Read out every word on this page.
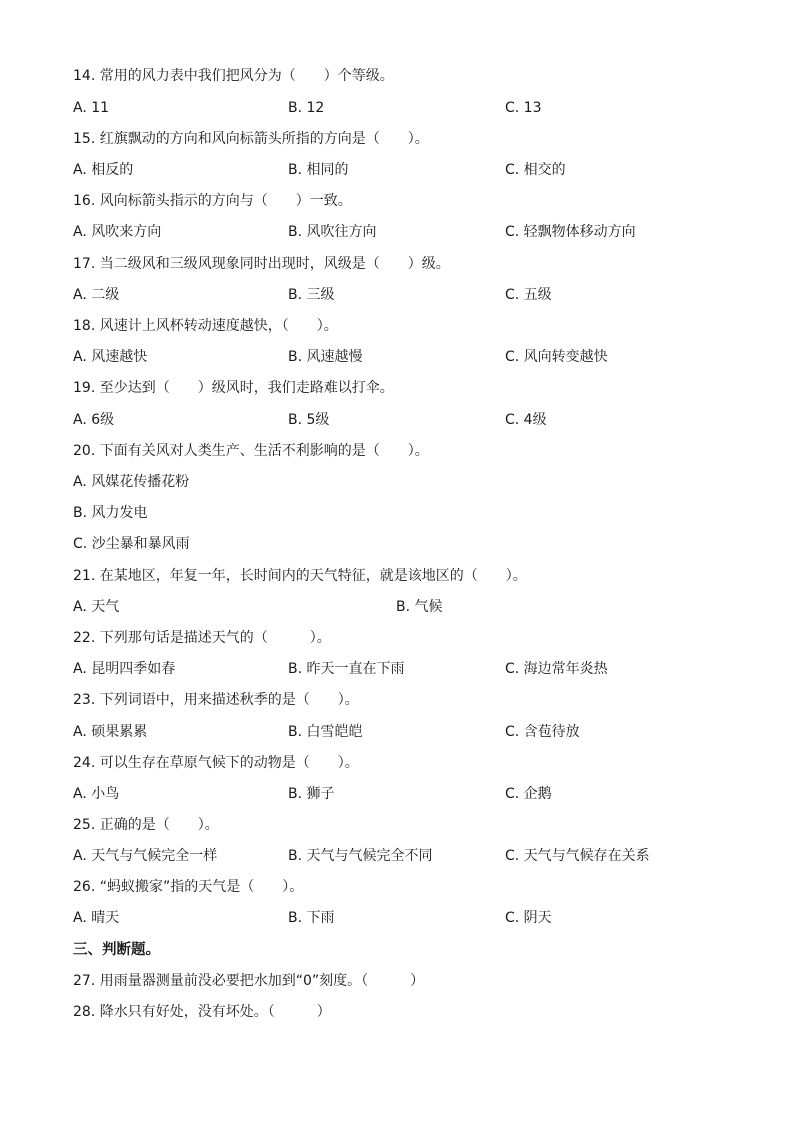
14. 常用的风力表中我们把风分为（　　）个等级。
A. 11	B. 12	C. 13
15. 红旗飘动的方向和风向标箭头所指的方向是（　　）。
A. 相反的	B. 相同的	C. 相交的
16. 风向标箭头指示的方向与（　　）一致。
A. 风吹来方向	B. 风吹往方向	C. 轻飘物体移动方向
17. 当二级风和三级风现象同时出现时，风级是（　　）级。
A. 二级	B. 三级	C. 五级
18. 风速计上风杯转动速度越快，（　　）。
A. 风速越快	B. 风速越慢	C. 风向转变越快
19. 至少达到（　　）级风时，我们走路难以打伞。
A. 6级	B. 5级	C. 4级
20. 下面有关风对人类生产、生活不利影响的是（　　）。
A. 风媒花传播花粉
B. 风力发电
C. 沙尘暴和暴风雨
21. 在某地区，年复一年，长时间内的天气特征，就是该地区的（　　）。
A. 天气	B. 气候
22. 下列那句话是描述天气的（　　　）。
A. 昆明四季如春	B. 昨天一直在下雨	C. 海边常年炎热
23. 下列词语中，用来描述秋季的是（　　）。
A. 硕果累累	B. 白雪皑皑	C. 含苞待放
24. 可以生存在草原气候下的动物是（　　）。
A. 小鸟	B. 狮子	C. 企鹅
25. 正确的是（　　）。
A. 天气与气候完全一样	B. 天气与气候完全不同	C. 天气与气候存在关系
26. “蚂蚁搬家”指的天气是（　　）。
A. 晴天	B. 下雨	C. 阴天
三、判断题。
27. 用雨量器测量前没必要把水加到“0”刻度。（　　　）
28. 降水只有好处，没有坏处。（　　　）
